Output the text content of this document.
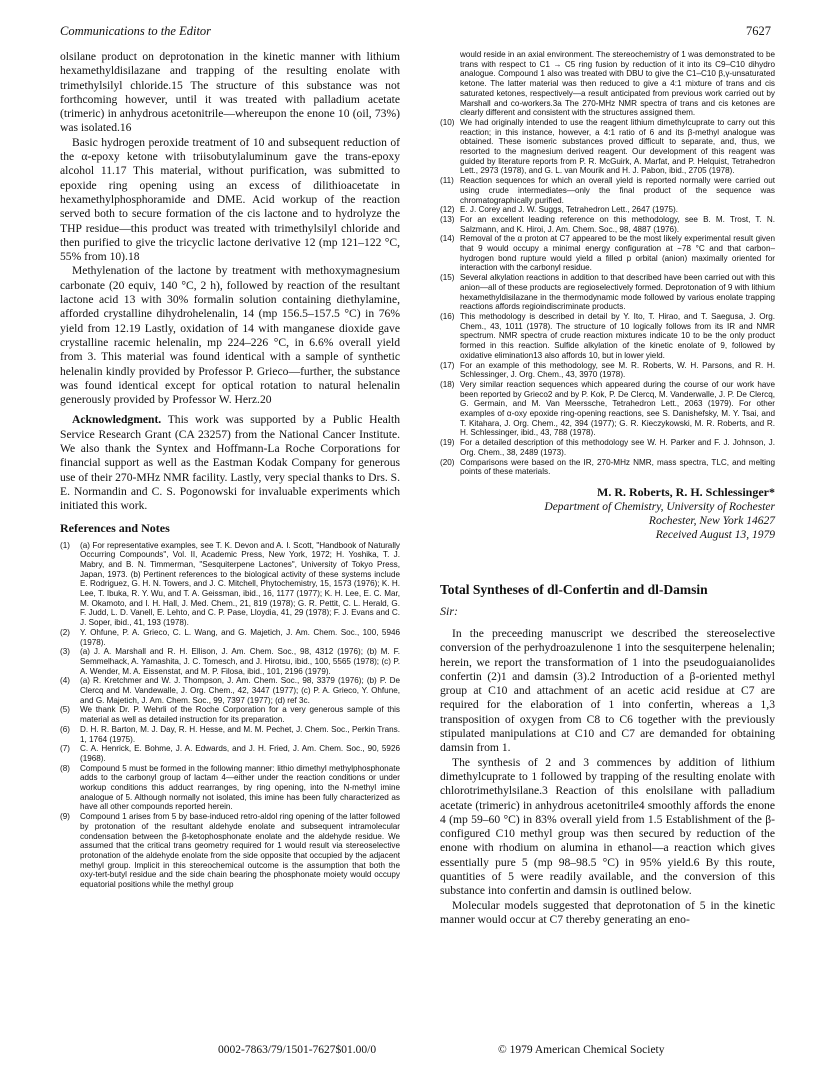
Communications to the Editor	7627

olsilane product on deprotonation in the kinetic manner with lithium hexamethyldisilazane and trapping of the resulting enolate with trimethylsilyl chloride.15 The structure of this substance was not forthcoming however, until it was treated with palladium acetate (trimeric) in anhydrous acetonitrile—whereupon the enone 10 (oil, 73%) was isolated.16

Basic hydrogen peroxide treatment of 10 and subsequent reduction of the α-epoxy ketone with triisobutylaluminum gave the trans-epoxy alcohol 11.17 This material, without purification, was submitted to epoxide ring opening using an excess of dilithioacetate in hexamethylphosphoramide and DME. Acid workup of the reaction served both to secure formation of the cis lactone and to hydrolyze the THP residue—this product was treated with trimethylsilyl chloride and then purified to give the tricyclic lactone derivative 12 (mp 121–122 °C, 55% from 10).18

Methylenation of the lactone by treatment with methoxymagnesium carbonate (20 equiv, 140 °C, 2 h), followed by reaction of the resultant lactone acid 13 with 30% formalin solution containing diethylamine, afforded crystalline dihydrohelenalin, 14 (mp 156.5–157.5 °C) in 76% yield from 12.19 Lastly, oxidation of 14 with manganese dioxide gave crystalline racemic helenalin, mp 224–226 °C, in 6.6% overall yield from 3. This material was found identical with a sample of synthetic helenalin kindly provided by Professor P. Grieco—further, the substance was found identical except for optical rotation to natural helenalin generously provided by Professor W. Herz.20

Acknowledgment. This work was supported by a Public Health Service Research Grant (CA 23257) from the National Cancer Institute. We also thank the Syntex and Hoffmann-La Roche Corporations for financial support as well as the Eastman Kodak Company for generous use of their 270-MHz NMR facility. Lastly, very special thanks to Drs. S. E. Normandin and C. S. Pogonowski for invaluable experiments which initiated this work.

References and Notes
(1)	(a) For representative examples, see T. K. Devon and A. I. Scott, "Handbook of Naturally Occurring Compounds", Vol. II, Academic Press, New York, 1972; H. Yoshika, T. J. Mabry, and B. N. Timmerman, "Sesquiterpene Lactones", University of Tokyo Press, Japan, 1973. (b) Pertinent references to the biological activity of these systems include E. Rodriguez, G. H. N. Towers, and J. C. Mitchell, Phytochemistry, 15, 1573 (1976); K. H. Lee, T. Ibuka, R. Y. Wu, and T. A. Geissman, ibid., 16, 1177 (1977); K. H. Lee, E. C. Mar, M. Okamoto, and I. H. Hall, J. Med. Chem., 21, 819 (1978); G. R. Pettit, C. L. Herald, G. F. Judd, L. D. Vanell, E. Lehto, and C. P. Pase, Lloydia, 41, 29 (1978); F. J. Evans and C. J. Soper, ibid., 41, 193 (1978).
(2)	Y. Ohfune, P. A. Grieco, C. L. Wang, and G. Majetich, J. Am. Chem. Soc., 100, 5946 (1978).
(3)	(a) J. A. Marshall and R. H. Ellison, J. Am. Chem. Soc., 98, 4312 (1976); (b) M. F. Semmelhack, A. Yamashita, J. C. Tomesch, and J. Hirotsu, ibid., 100, 5565 (1978); (c) P. A. Wender, M. A. Eissenstat, and M. P. Filosa, ibid., 101, 2196 (1979).
(4)	(a) R. Kretchmer and W. J. Thompson, J. Am. Chem. Soc., 98, 3379 (1976); (b) P. De Clercq and M. Vandewalle, J. Org. Chem., 42, 3447 (1977); (c) P. A. Grieco, Y. Ohfune, and G. Majetich, J. Am. Chem. Soc., 99, 7397 (1977); (d) ref 3c.
(5)	We thank Dr. P. Wehrli of the Roche Corporation for a very generous sample of this material as well as detailed instruction for its preparation.
(6)	D. H. R. Barton, M. J. Day, R. H. Hesse, and M. M. Pechet, J. Chem. Soc., Perkin Trans. 1, 1764 (1975).
(7)	C. A. Henrick, E. Bohme, J. A. Edwards, and J. H. Fried, J. Am. Chem. Soc., 90, 5926 (1968).
(8)	Compound 5 must be formed in the following manner: lithio dimethyl methylphosphonate adds to the carbonyl group of lactam 4—either under the reaction conditions or under workup conditions this adduct rearranges, by ring opening, into the N-methyl imine analogue of 5. Although normally not isolated, this imine has been fully characterized as have all other compounds reported herein.
(9)	Compound 1 arises from 5 by base-induced retro-aldol ring opening of the latter followed by protonation of the resultant aldehyde enolate and subsequent intramolecular condensation between the β-ketophosphonate enolate and the aldehyde residue. We assumed that the critical trans geometry required for 1 would result via stereoselective protonation of the aldehyde enolate from the side opposite that occupied by the adjacent methyl group. Implicit in this stereochemical outcome is the assumption that both the oxy-tert-butyl residue and the side chain bearing the phosphonate moiety would occupy equatorial positions while the methyl group
would reside in an axial environment. The stereochemistry of 1 was demonstrated to be trans with respect to C1 → C5 ring fusion by reduction of it into its C9–C10 dihydro analogue. Compound 1 also was treated with DBU to give the C1–C10 β,γ-unsaturated ketone. The latter material was then reduced to give a 4:1 mixture of trans and cis saturated ketones, respectively—a result anticipated from previous work carried out by Marshall and co-workers.3a The 270-MHz NMR spectra of trans and cis ketones are clearly different and consistent with the structures assigned them.
(10) We had originally intended to use the reagent lithium dimethylcuprate to carry out this reaction; in this instance, however, a 4:1 ratio of 6 and its β-methyl analogue was obtained. These isomeric substances proved difficult to separate, and, thus, we resorted to the magnesium derived reagent. Our development of this reagent was guided by literature reports from P. R. McGuirk, A. Marfat, and P. Helquist, Tetrahedron Lett., 2973 (1978), and G. L. van Mourik and H. J. Pabon, ibid., 2705 (1978).
(11) Reaction sequences for which an overall yield is reported normally were carried out using crude intermediates—only the final product of the sequence was chromatographically purified.
(12) E. J. Corey and J. W. Suggs, Tetrahedron Lett., 2647 (1975).
(13) For an excellent leading reference on this methodology, see B. M. Trost, T. N. Salzmann, and K. Hiroi, J. Am. Chem. Soc., 98, 4887 (1976).
(14) Removal of the α proton at C7 appeared to be the most likely experimental result given that 9 would occupy a minimal energy configuration at −78 °C and that carbon–hydrogen bond rupture would yield a filled p orbital (anion) maximally oriented for interaction with the carbonyl residue.
(15) Several alkylation reactions in addition to that described have been carried out with this anion—all of these products are regioselectively formed. Deprotonation of 9 with lithium hexamethyldisilazane in the thermodynamic mode followed by various enolate trapping reactions affords regioindiscriminate products.
(16) This methodology is described in detail by Y. Ito, T. Hirao, and T. Saegusa, J. Org. Chem., 43, 1011 (1978). The structure of 10 logically follows from its IR and NMR spectrum. NMR spectra of crude reaction mixtures indicate 10 to be the only product formed in this reaction. Sulfide alkylation of the kinetic enolate of 9, followed by oxidative elimination13 also affords 10, but in lower yield.
(17) For an example of this methodology, see M. R. Roberts, W. H. Parsons, and R. H. Schlessinger, J. Org. Chem., 43, 3970 (1978).
(18) Very similar reaction sequences which appeared during the course of our work have been reported by Grieco2 and by P. Kok, P. De Clercq, M. Vanderwalle, J. P. De Clercq, G. Germain, and M. Van Meerssche, Tetrahedron Lett., 2063 (1979). For other examples of α-oxy epoxide ring-opening reactions, see S. Danishefsky, M. Y. Tsai, and T. Kitahara, J. Org. Chem., 42, 394 (1977); G. R. Kieczykowski, M. R. Roberts, and R. H. Schlessinger, ibid., 43, 788 (1978).
(19) For a detailed description of this methodology see W. H. Parker and F. J. Johnson, J. Org. Chem., 38, 2489 (1973).
(20) Comparisons were based on the IR, 270-MHz NMR, mass spectra, TLC, and melting points of these materials.
M. R. Roberts, R. H. Schlessinger*
Department of Chemistry, University of Rochester
Rochester, New York 14627
Received August 13, 1979
Total Syntheses of dl-Confertin and dl-Damsin
Sir:

In the preceeding manuscript we described the stereoselective conversion of the perhydroazulenone 1 into the sesquiterpene helenalin; herein, we report the transformation of 1 into the pseudoguaianolides confertin (2)1 and damsin (3).2 Introduction of a β-oriented methyl group at C10 and attachment of an acetic acid residue at C7 are required for the elaboration of 1 into confertin, whereas a 1,3 transposition of oxygen from C8 to C6 together with the previously stipulated manipulations at C10 and C7 are demanded for obtaining damsin from 1.

The synthesis of 2 and 3 commences by addition of lithium dimethylcuprate to 1 followed by trapping of the resulting enolate with chlorotrimethylsilane.3 Reaction of this enolsilane with palladium acetate (trimeric) in anhydrous acetonitrile4 smoothly affords the enone 4 (mp 59–60 °C) in 83% overall yield from 1.5 Establishment of the β-configured C10 methyl group was then secured by reduction of the enone with rhodium on alumina in ethanol—a reaction which gives essentially pure 5 (mp 98–98.5 °C) in 95% yield.6 By this route, quantities of 5 were readily available, and the conversion of this substance into confertin and damsin is outlined below.

Molecular models suggested that deprotonation of 5 in the kinetic manner would occur at C7 thereby generating an eno-

0002-7863/79/1501-7627$01.00/0	© 1979 American Chemical Society
